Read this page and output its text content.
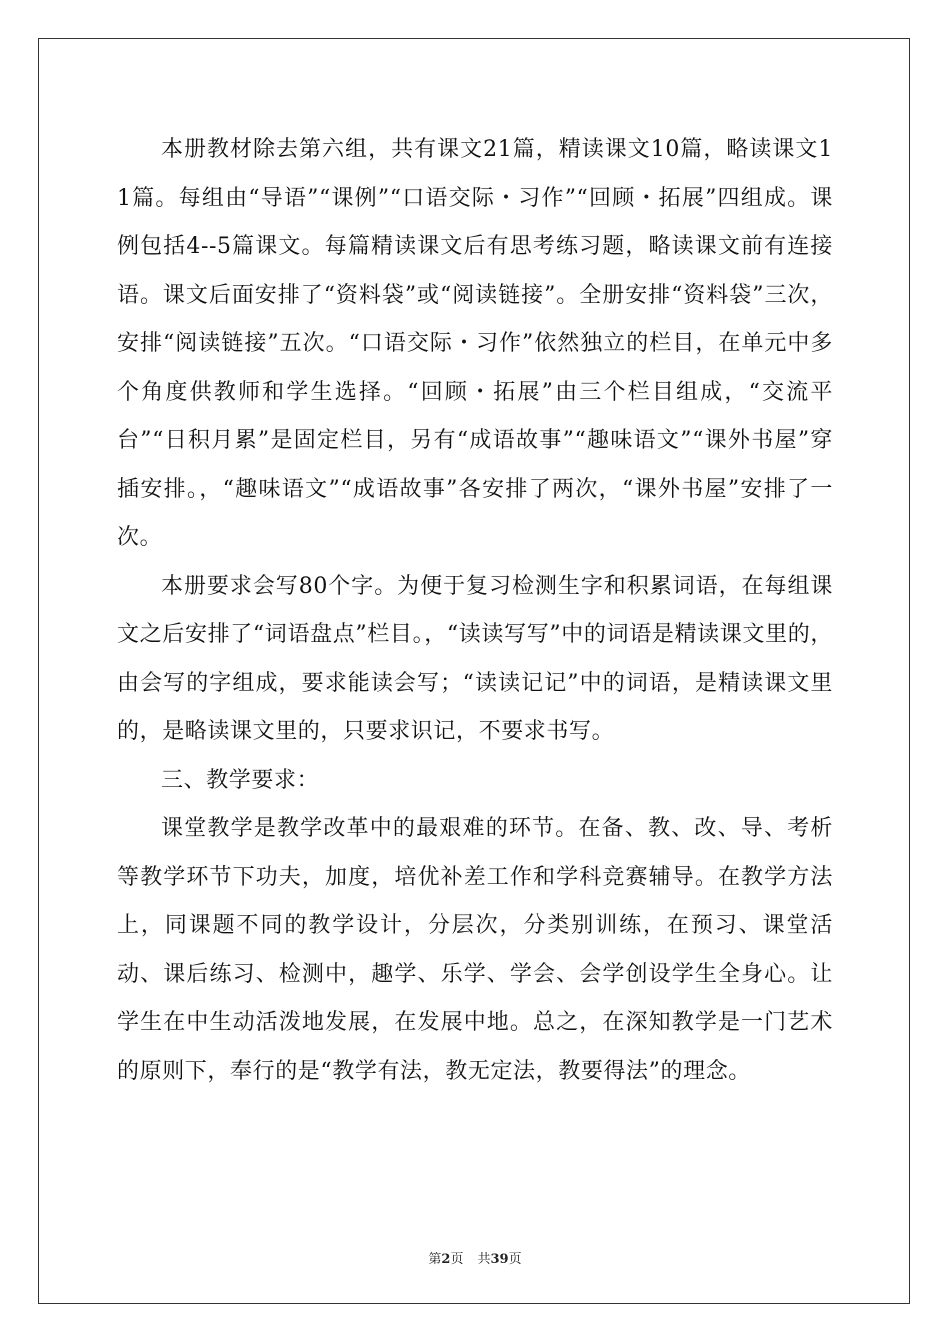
本册教材除去第六组，共有课文21篇，精读课文10篇，略读课文11篇。每组由“导语”“课例”“口语交际・习作”“回顾・拓展”四组成。课例包括4--5篇课文。每篇精读课文后有思考练习题，略读课文前有连接语。课文后面安排了“资料袋”或“阅读链接”。全册安排“资料袋”三次，安排“阅读链接”五次。“口语交际・习作”依然独立的栏目，在单元中多个角度供教师和学生选择。“回顾・拓展”由三个栏目组成，“交流平台”“日积月累”是固定栏目，另有“成语故事”“趣味语文”“课外书屋”穿插安排。，“趣味语文”“成语故事”各安排了两次，“课外书屋”安排了一次。

本册要求会写80个字。为便于复习检测生字和积累词语，在每组课文之后安排了“词语盘点”栏目。，“读读写写”中的词语是精读课文里的，由会写的字组成，要求能读会写；“读读记记”中的词语，是精读课文里的，是略读课文里的，只要求识记，不要求书写。

三、教学要求：

课堂教学是教学改革中的最艰难的环节。在备、教、改、导、考析等教学环节下功夫，加度，培优补差工作和学科竞赛辅导。在教学方法上，同课题不同的教学设计，分层次，分类别训练，在预习、课堂活动、课后练习、检测中，趣学、乐学、学会、会学创设学生全身心。让学生在中生动活泼地发展，在发展中地。总之，在深知教学是一门艺术的原则下，奉行的是“教学有法，教无定法，教要得法”的理念。

第2页 共39页
